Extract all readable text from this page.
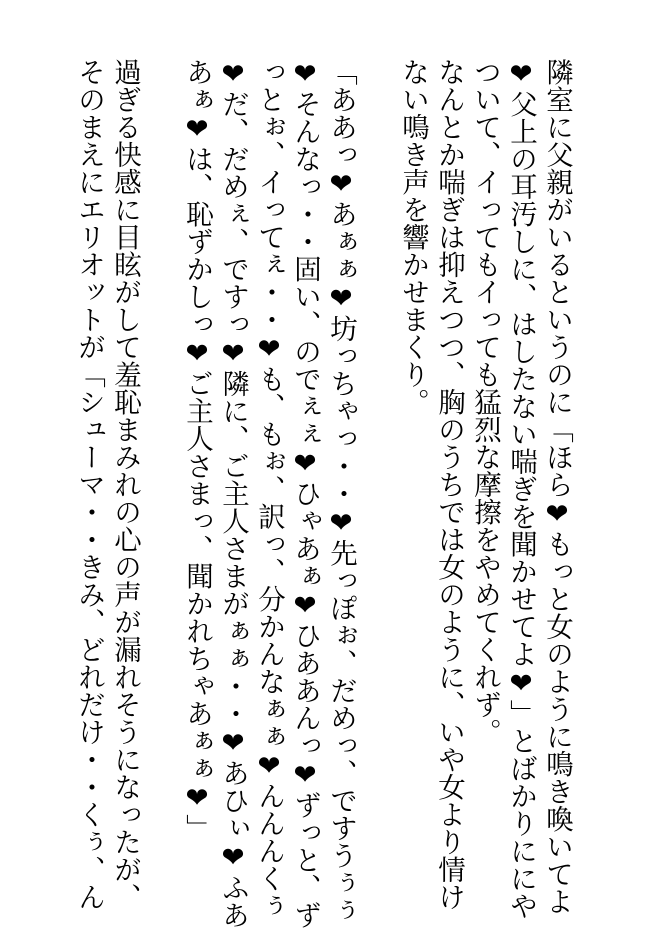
隣室に父親がいるというのに「ほら❤もっと女のように鳴き喚いてよ
❤父上の耳汚しに、はしたない喘ぎを聞かせてよ❤」とばかりににや
ついて、イってもイっても猛烈な摩擦をやめてくれず。
なんとか喘ぎは抑えつつ、胸のうちでは女のように、いや女より情け
ない鳴き声を響かせまくり。
「ああっ❤あぁぁ❤坊っちゃっ・・❤先っぽぉ、だめっ、ですうぅぅ
❤そんなっ・・固い、のでぇぇ❤ひゃあぁ❤ひああんっ❤ずっと、ず
っとぉ、イってぇ・・❤も、もぉ、訳っ、分かんなぁぁ❤んんんくぅ
❤だ、だめぇ、ですっ❤隣に、ご主人さまがぁぁ・・❤あひぃ❤ふあ
あぁ❤は、恥ずかしっ❤ご主人さまっ、聞かれちゃあぁぁ❤」
過ぎる快感に目眩がして羞恥まみれの心の声が漏れそうになったが、
そのまえにエリオットが「シューマ・・きみ、どれだけ・・くぅ、ん
